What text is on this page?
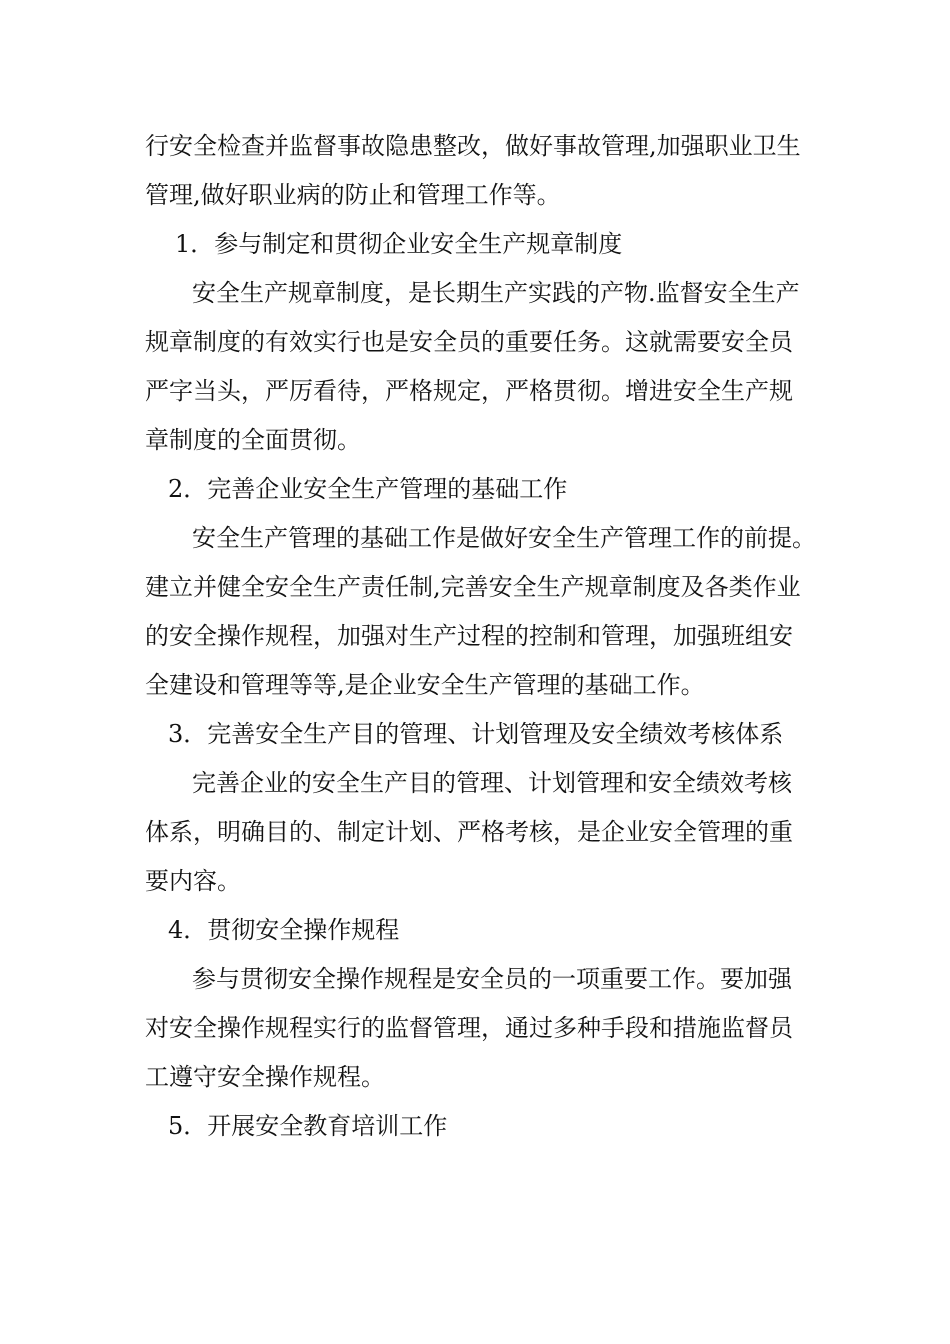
行安全检查并监督事故隐患整改，做好事故管理,加强职业卫生
管理,做好职业病的防止和管理工作等。
1．参与制定和贯彻企业安全生产规章制度
安全生产规章制度，是长期生产实践的产物.监督安全生产
规章制度的有效实行也是安全员的重要任务。这就需要安全员
严字当头，严厉看待，严格规定，严格贯彻。增进安全生产规
章制度的全面贯彻。
2．完善企业安全生产管理的基础工作
安全生产管理的基础工作是做好安全生产管理工作的前提。
建立并健全安全生产责任制,完善安全生产规章制度及各类作业
的安全操作规程，加强对生产过程的控制和管理，加强班组安
全建设和管理等等,是企业安全生产管理的基础工作。
3．完善安全生产目的管理、计划管理及安全绩效考核体系
完善企业的安全生产目的管理、计划管理和安全绩效考核
体系，明确目的、制定计划、严格考核，是企业安全管理的重
要内容。
4．贯彻安全操作规程
参与贯彻安全操作规程是安全员的一项重要工作。要加强
对安全操作规程实行的监督管理，通过多种手段和措施监督员
工遵守安全操作规程。
5．开展安全教育培训工作
